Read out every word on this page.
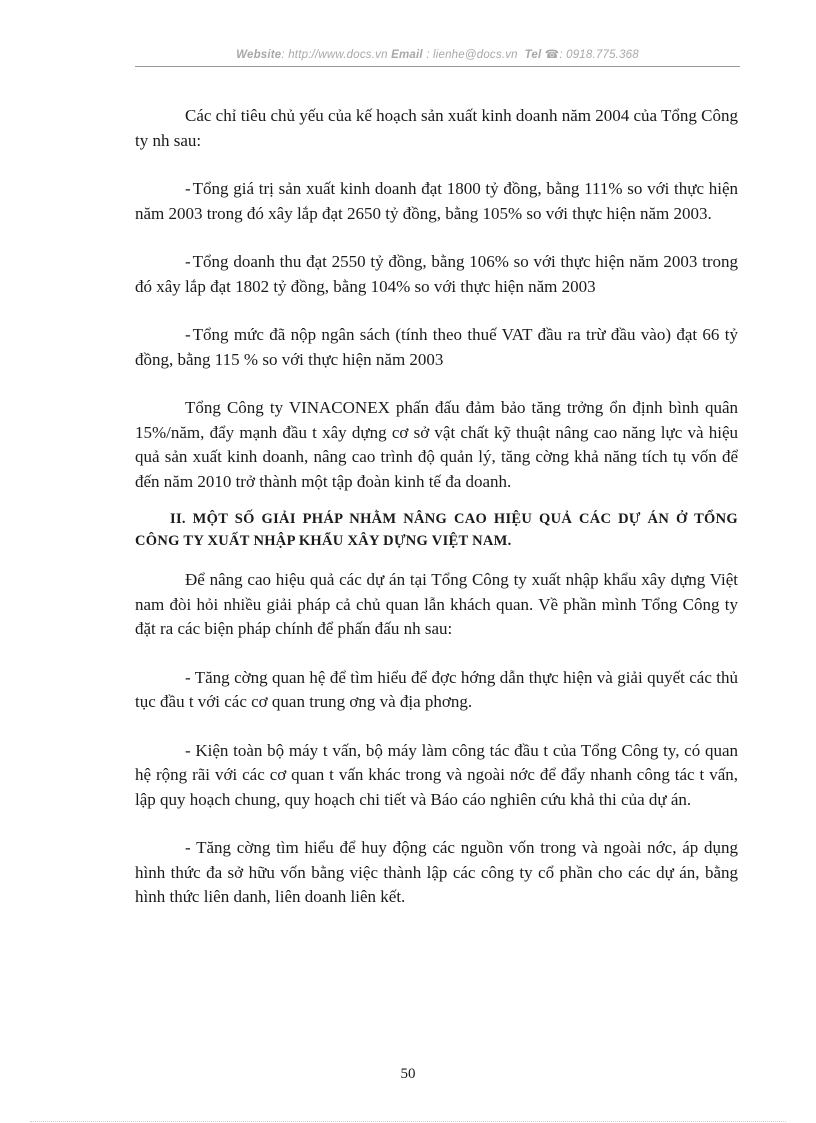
Website: http://www.docs.vn Email : lienhe@docs.vn Tel ☎: 0918.775.368

Các chỉ tiêu chủ yếu của kế hoạch sản xuất kinh doanh năm 2004 của Tổng Công ty nh sau:

- Tổng giá trị sản xuất kinh doanh đạt 1800 tỷ đồng, bằng 111% so với thực hiện năm 2003 trong đó xây lắp đạt 2650 tỷ đồng, bằng 105% so với thực hiện năm 2003.

- Tổng doanh thu đạt 2550 tỷ đồng, bằng 106% so với thực hiện năm 2003 trong đó xây lắp đạt 1802 tỷ đồng, bằng 104% so với thực hiện năm 2003

- Tổng mức đã nộp ngân sách (tính theo thuế VAT đầu ra trừ đầu vào) đạt 66 tỷ đồng, bằng 115 % so với thực hiện năm 2003

Tổng Công ty VINACONEX phấn đấu đảm bảo tăng trởng ổn định bình quân 15%/năm, đẩy mạnh đầu t xây dựng cơ sở vật chất kỹ thuật nâng cao năng lực và hiệu quả sản xuất kinh doanh, nâng cao trình độ quản lý, tăng cờng khả năng tích tụ vốn để đến năm 2010 trở thành một tập đoàn kinh tế đa doanh.

II. MỘT SỐ GIẢI PHÁP NHẰM NÂNG CAO HIỆU QUẢ CÁC DỰ ÁN Ở TỔNG CÔNG TY XUẤT NHẬP KHẨU XÂY DỰNG VIỆT NAM.

Để nâng cao hiệu quả các dự án tại Tổng Công ty xuất nhập khẩu xây dựng Việt nam đòi hỏi nhiều giải pháp cả chủ quan lẫn khách quan. Về phần mình Tổng Công ty đặt ra các biện pháp chính để phấn đấu nh sau:

- Tăng cờng quan hệ để tìm hiểu để đợc hớng dẫn thực hiện và giải quyết các thủ tục đầu t với các cơ quan trung ơng và địa phơng.

- Kiện toàn bộ máy t vấn, bộ máy làm công tác đầu t của Tổng Công ty, có quan hệ rộng rãi với các cơ quan t vấn khác trong và ngoài nớc để đẩy nhanh công tác t vấn, lập quy hoạch chung, quy hoạch chi tiết và Báo cáo nghiên cứu khả thi của dự án.

- Tăng cờng tìm hiểu để huy động các nguồn vốn trong và ngoài nớc, áp dụng hình thức đa sở hữu vốn bằng việc thành lập các công ty cổ phần cho các dự án, bằng hình thức liên danh, liên doanh liên kết.

50
